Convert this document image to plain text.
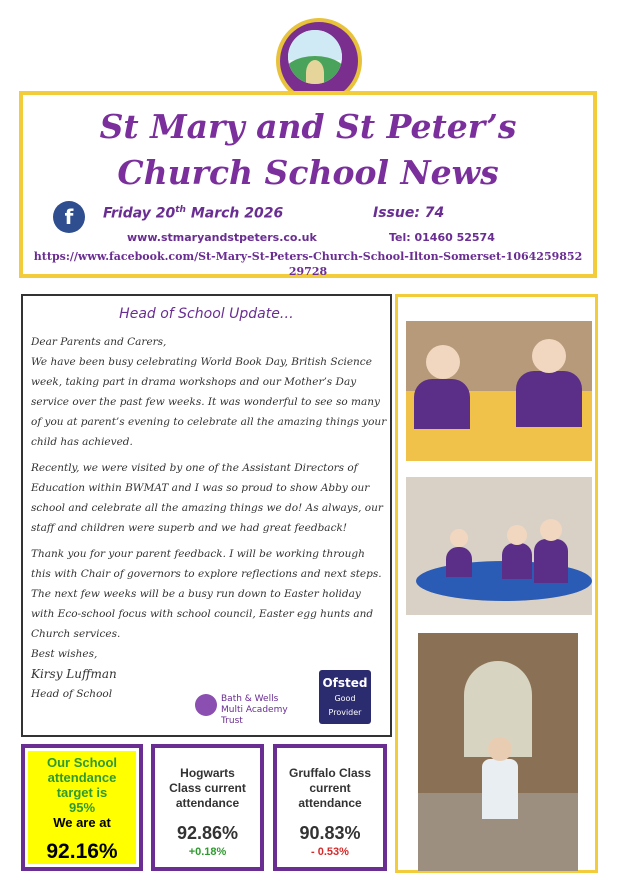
St Mary and St Peter’s
Church School News
f	Friday 20th March 2026	Issue: 74
www.stmaryandstpeters.co.uk	Tel: 01460 52574
https://www.facebook.com/St-Mary-St-Peters-Church-School-Ilton-Somerset-106425985229728
Head of School Update…

Dear Parents and Carers,

We have been busy celebrating World Book Day, British Science week, taking part in drama workshops and our Mother’s Day service over the past few weeks. It was wonderful to see so many of you at parent’s evening to celebrate all the amazing things your child has achieved.

Recently, we were visited by one of the Assistant Directors of Education within BWMAT and I was so proud to show Abby our school and celebrate all the amazing things we do! As always, our staff and children were superb and we had great feedback!

Thank you for your parent feedback. I will be working through this with Chair of governors to explore reflections and next steps.

The next few weeks will be a busy run down to Easter holiday with Eco-school focus with school council, Easter egg hunts and Church services.

Best wishes,
Kirsy Luffman
Head of School	Bath & Wells
Multi Academy Trust
Ofsted
Good
Provider
Our School
attendance
target is
95%
We are at
92.16%
Hogwarts
Class current
attendance
92.86%
+0.18%
Gruffalo Class
current
attendance
90.83%
- 0.53%
